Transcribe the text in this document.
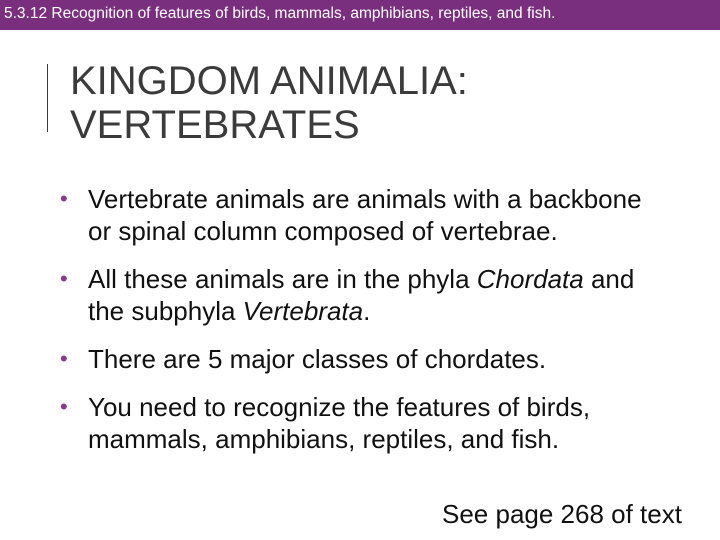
5.3.12 Recognition of features of birds, mammals, amphibians, reptiles, and fish.
KINGDOM ANIMALIA:
VERTEBRATES
• Vertebrate animals are animals with a backbone or spinal column composed of vertebrae.
• All these animals are in the phyla Chordata and the subphyla Vertebrata.
• There are 5 major classes of chordates.
• You need to recognize the features of birds, mammals, amphibians, reptiles, and fish.
See page 268 of text
